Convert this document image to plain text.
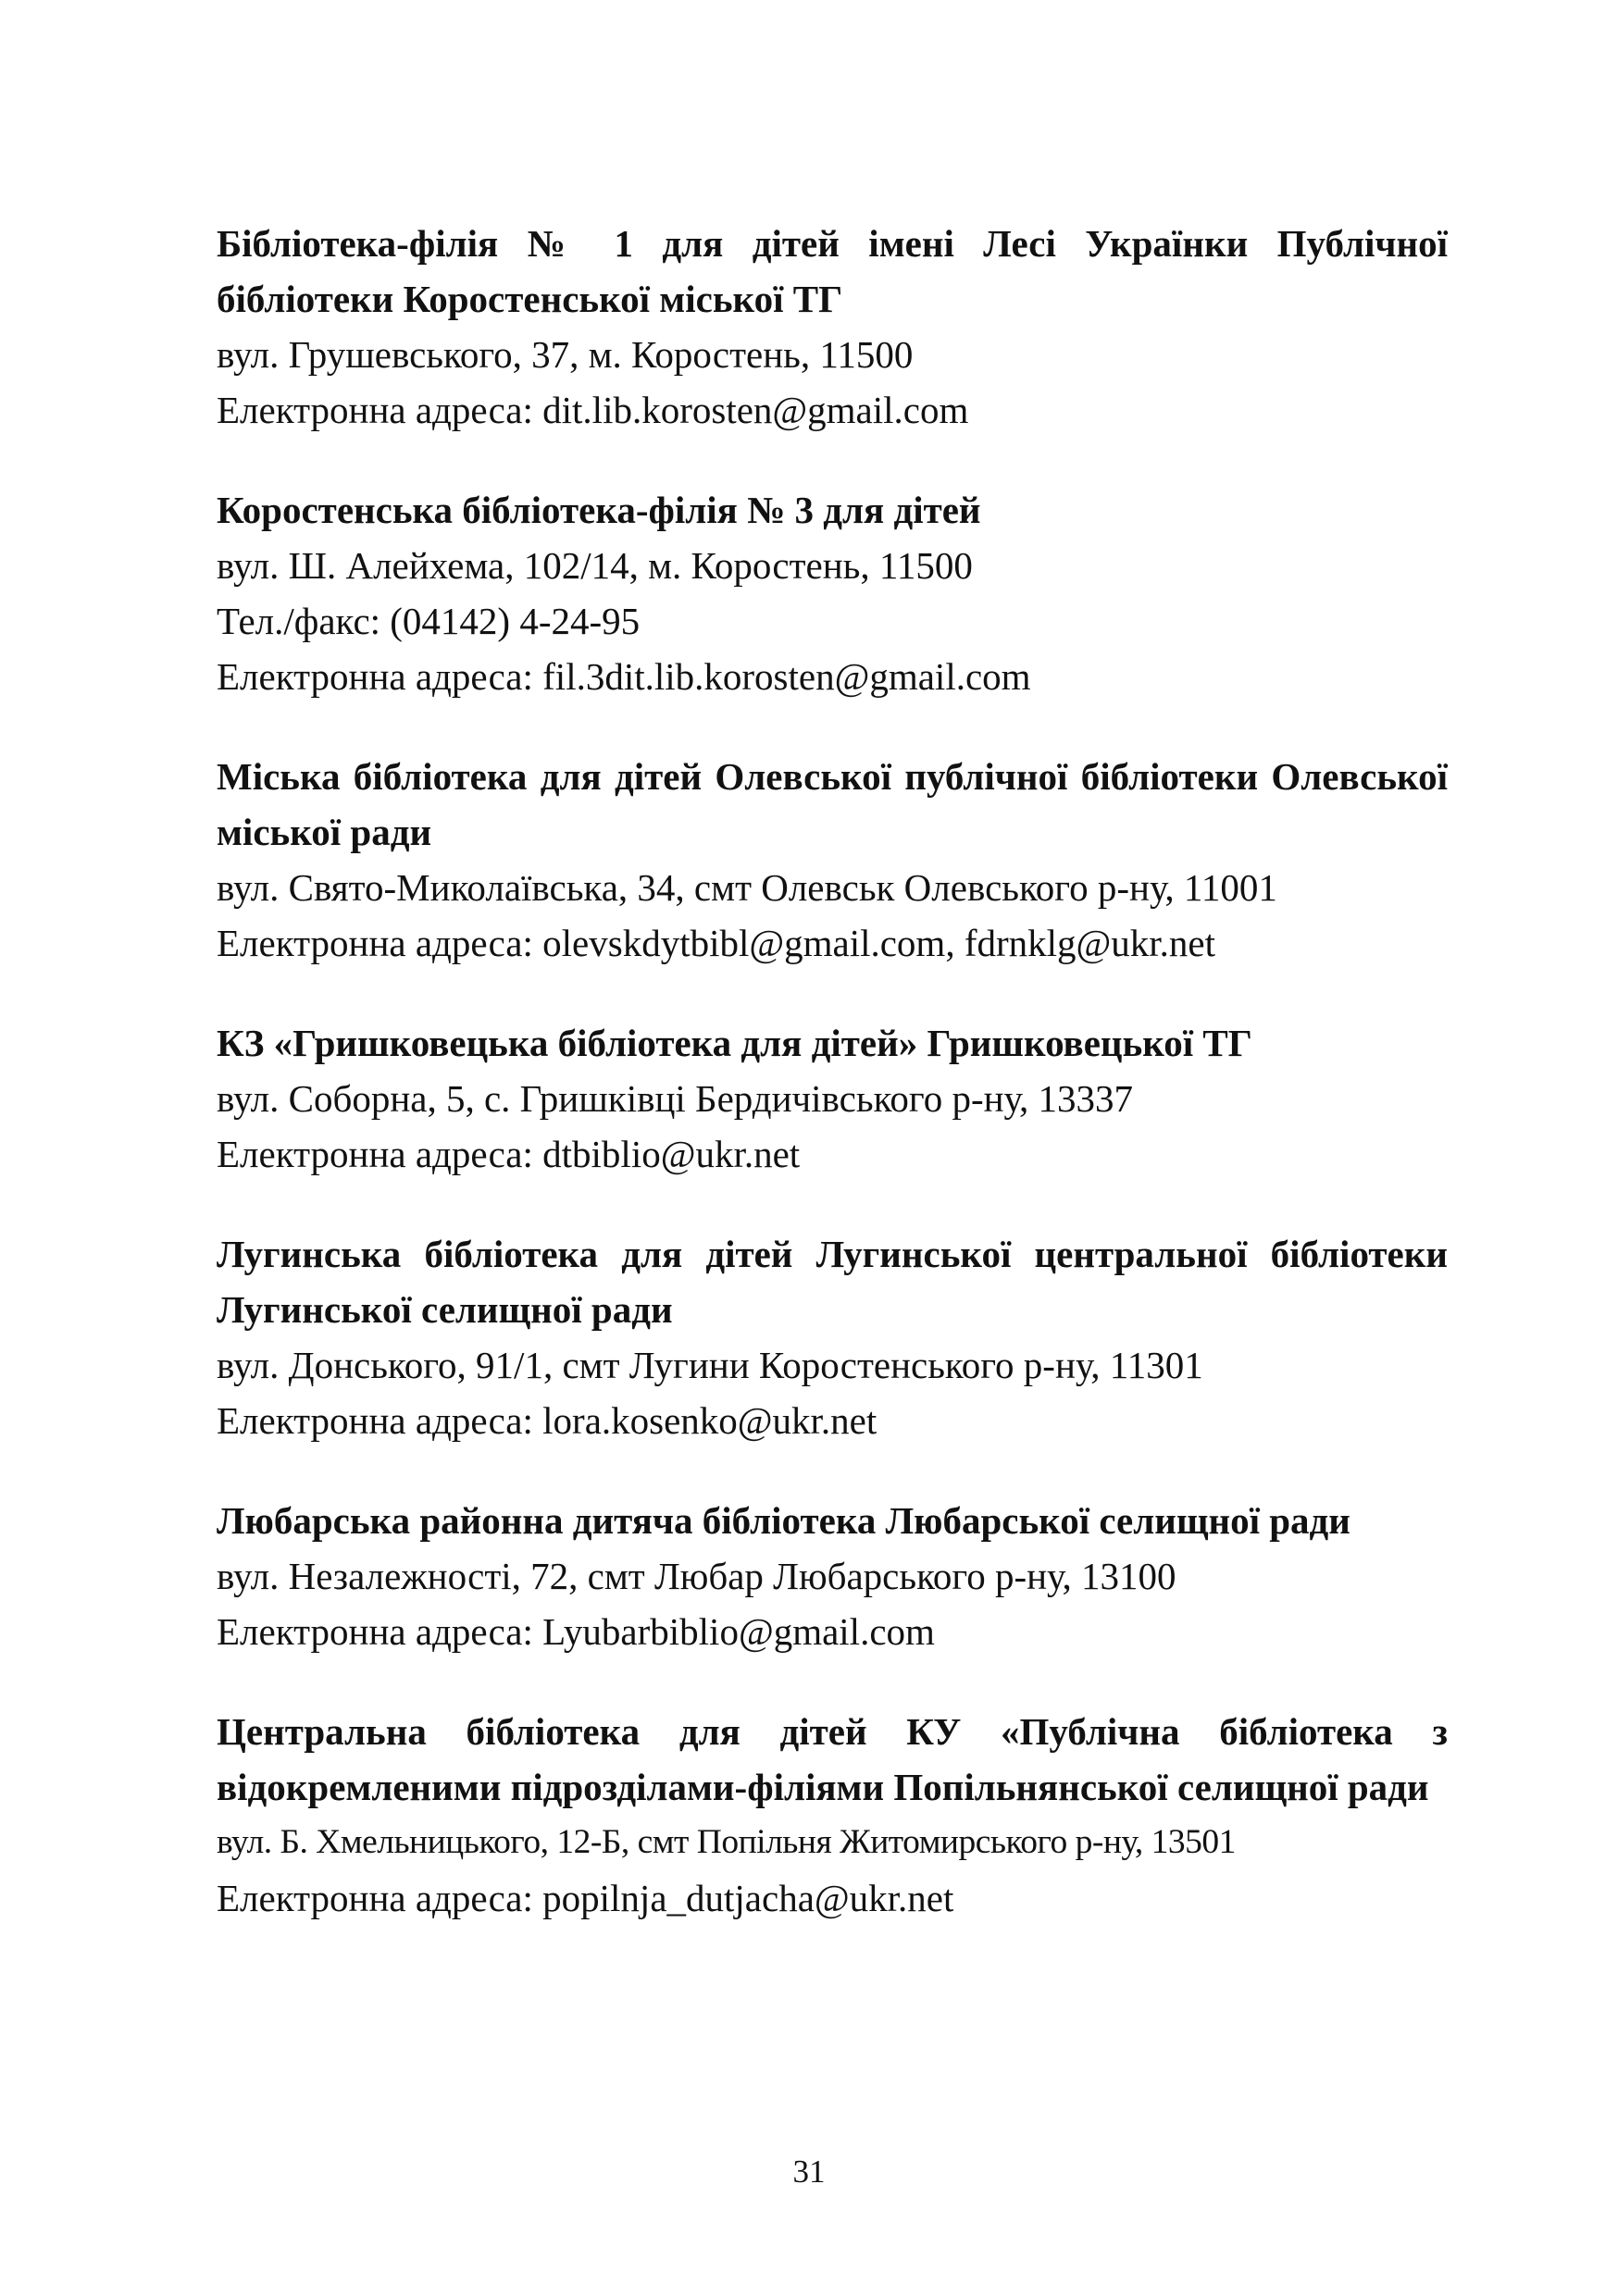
Бібліотека-філія № 1 для дітей імені Лесі Українки Публічної бібліотеки Коростенської міської ТГ

вул. Грушевського, 37, м. Коростень, 11500

Електронна адреса: dit.lib.korosten@gmail.com

Коростенська бібліотека-філія № 3 для дітей

вул. Ш. Алейхема, 102/14, м. Коростень, 11500

Тел./факс: (04142) 4-24-95

Електронна адреса: fil.3dit.lib.korosten@gmail.com

Міська бібліотека для дітей Олевської публічної бібліотеки Олевської міської ради

вул. Свято-Миколаївська, 34, смт Олевськ Олевського р-ну, 11001

Електронна адреса: olevskdytbibl@gmail.com, fdrnklg@ukr.net

КЗ «Гришковецька бібліотека для дітей» Гришковецької ТГ

вул. Соборна, 5, с. Гришківці Бердичівського р-ну, 13337

Електронна адреса: dtbiblio@ukr.net

Лугинська бібліотека для дітей Лугинської центральної бібліотеки Лугинської селищної ради

вул. Донського, 91/1, смт Лугини Коростенського р-ну, 11301

Електронна адреса: lora.kosenko@ukr.net

Любарська районна дитяча бібліотека Любарської селищної ради

вул. Незалежності, 72, смт Любар Любарського р-ну, 13100

Електронна адреса: Lyubarbiblio@gmail.com

Центральна бібліотека для дітей КУ «Публічна бібліотека з відокремленими підрозділами-філіями Попільнянської селищної ради

вул. Б. Хмельницького, 12-Б, смт Попільня Житомирського р-ну, 13501

Електронна адреса: popilnja_dutjacha@ukr.net

31
